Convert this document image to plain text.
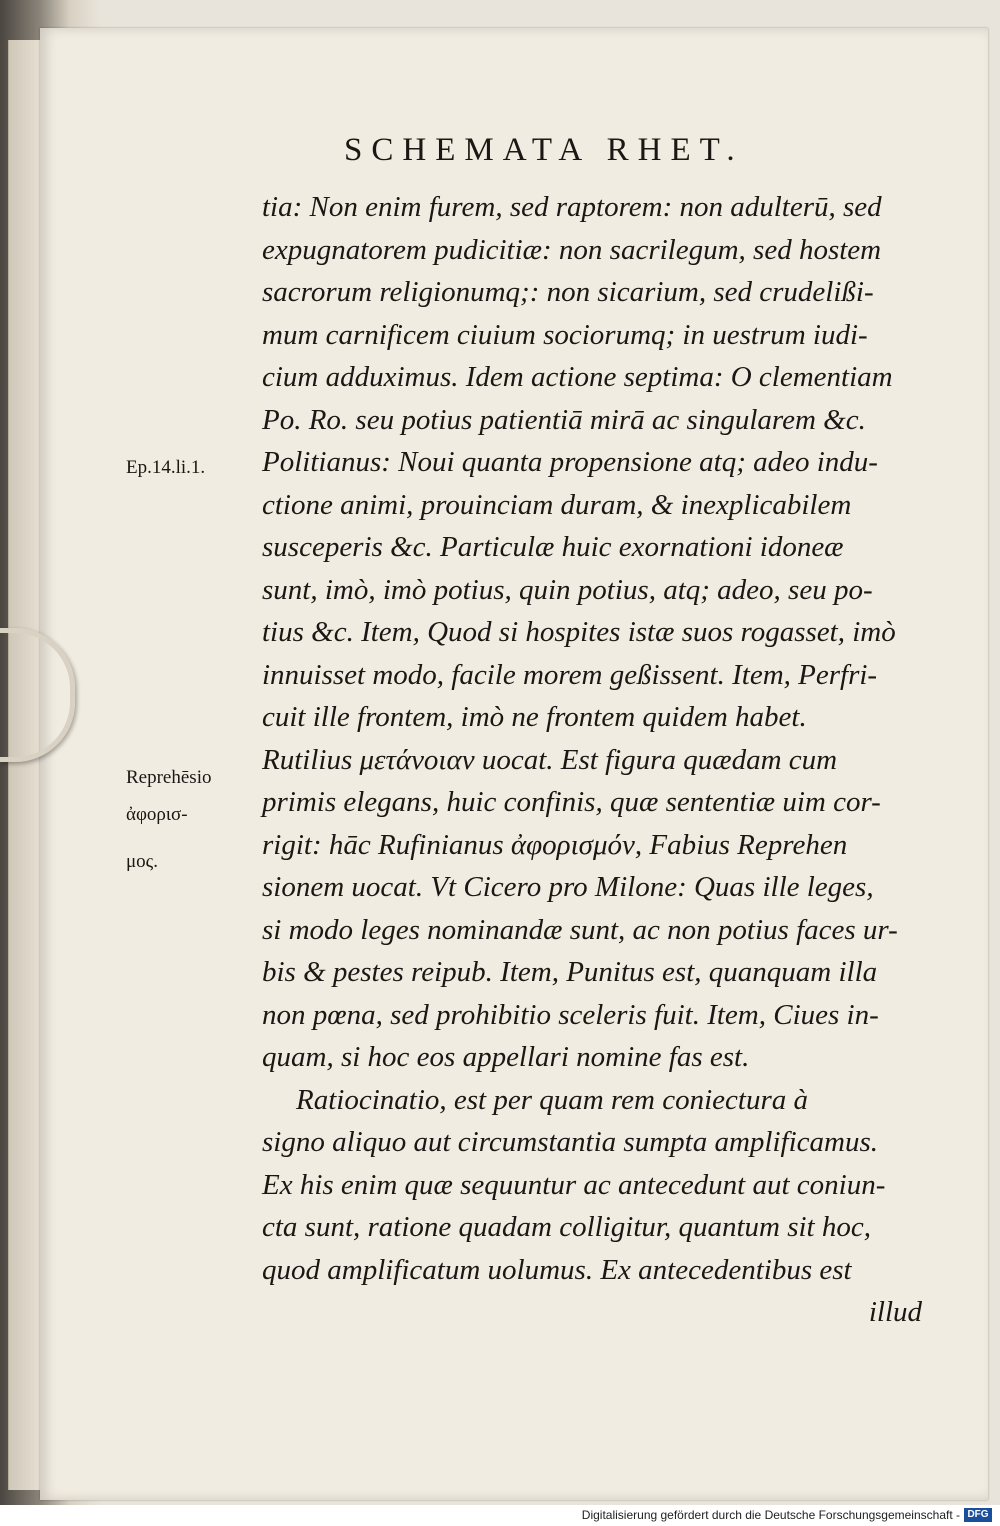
SCHEMATA RHET.
Ep.14.li.1.
Reprehēsio
ἀφορισ-
μος.
tia: Non enim furem, sed raptorem: non adulterū, sed
expugnatorem pudicitiæ: non sacrilegum, sed hostem
sacrorum religionumq;: non sicarium, sed crudelißi-
mum carnificem ciuium sociorumq; in uestrum iudi-
cium adduximus. Idem actione septima: O clementiam
Po. Ro. seu potius patientiā mirā ac singularem &c.
Politianus: Noui quanta propensione atq; adeo indu-
ctione animi, prouinciam duram, & inexplicabilem
susceperis &c. Particulæ huic exornationi idoneæ
sunt, imò, imò potius, quin potius, atq; adeo, seu po-
tius &c. Item, Quod si hospites istæ suos rogasset, imò
innuisset modo, facile morem geßissent. Item, Perfri-
cuit ille frontem, imò ne frontem quidem habet.
Rutilius μετάνοιαν uocat. Est figura quædam cum
primis elegans, huic confinis, quæ sententiæ uim cor-
rigit: hāc Rufinianus ἀφορισμόν, Fabius Reprehen
sionem uocat. Vt Cicero pro Milone: Quas ille leges,
si modo leges nominandæ sunt, ac non potius faces ur-
bis & pestes reipub. Item, Punitus est, quanquam illa
non pœna, sed prohibitio sceleris fuit. Item, Ciues in-
quam, si hoc eos appellari nomine fas est.
Ratiocinatio, est per quam rem coniectura à
signo aliquo aut circumstantia sumpta amplificamus.
Ex his enim quæ sequuntur ac antecedunt aut coniun-
cta sunt, ratione quadam colligitur, quantum sit hoc,
quod amplificatum uolumus. Ex antecedentibus est
illud
Digitalisierung gefördert durch die Deutsche Forschungsgemeinschaft - DFG
